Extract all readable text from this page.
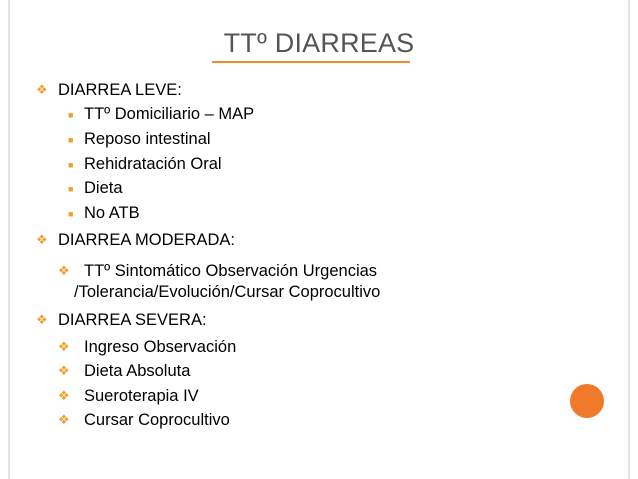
TTº DIARREAS
❖ DIARREA LEVE:
■ TTº Domiciliario – MAP
■ Reposo intestinal
■ Rehidratación Oral
■ Dieta
■ No ATB
❖ DIARREA MODERADA:
❖ TTº Sintomático Observación Urgencias
/Tolerancia/Evolución/Cursar Coprocultivo
❖ DIARREA SEVERA:
❖ Ingreso Observación
❖ Dieta Absoluta
❖ Sueroterapia IV
❖ Cursar Coprocultivo
